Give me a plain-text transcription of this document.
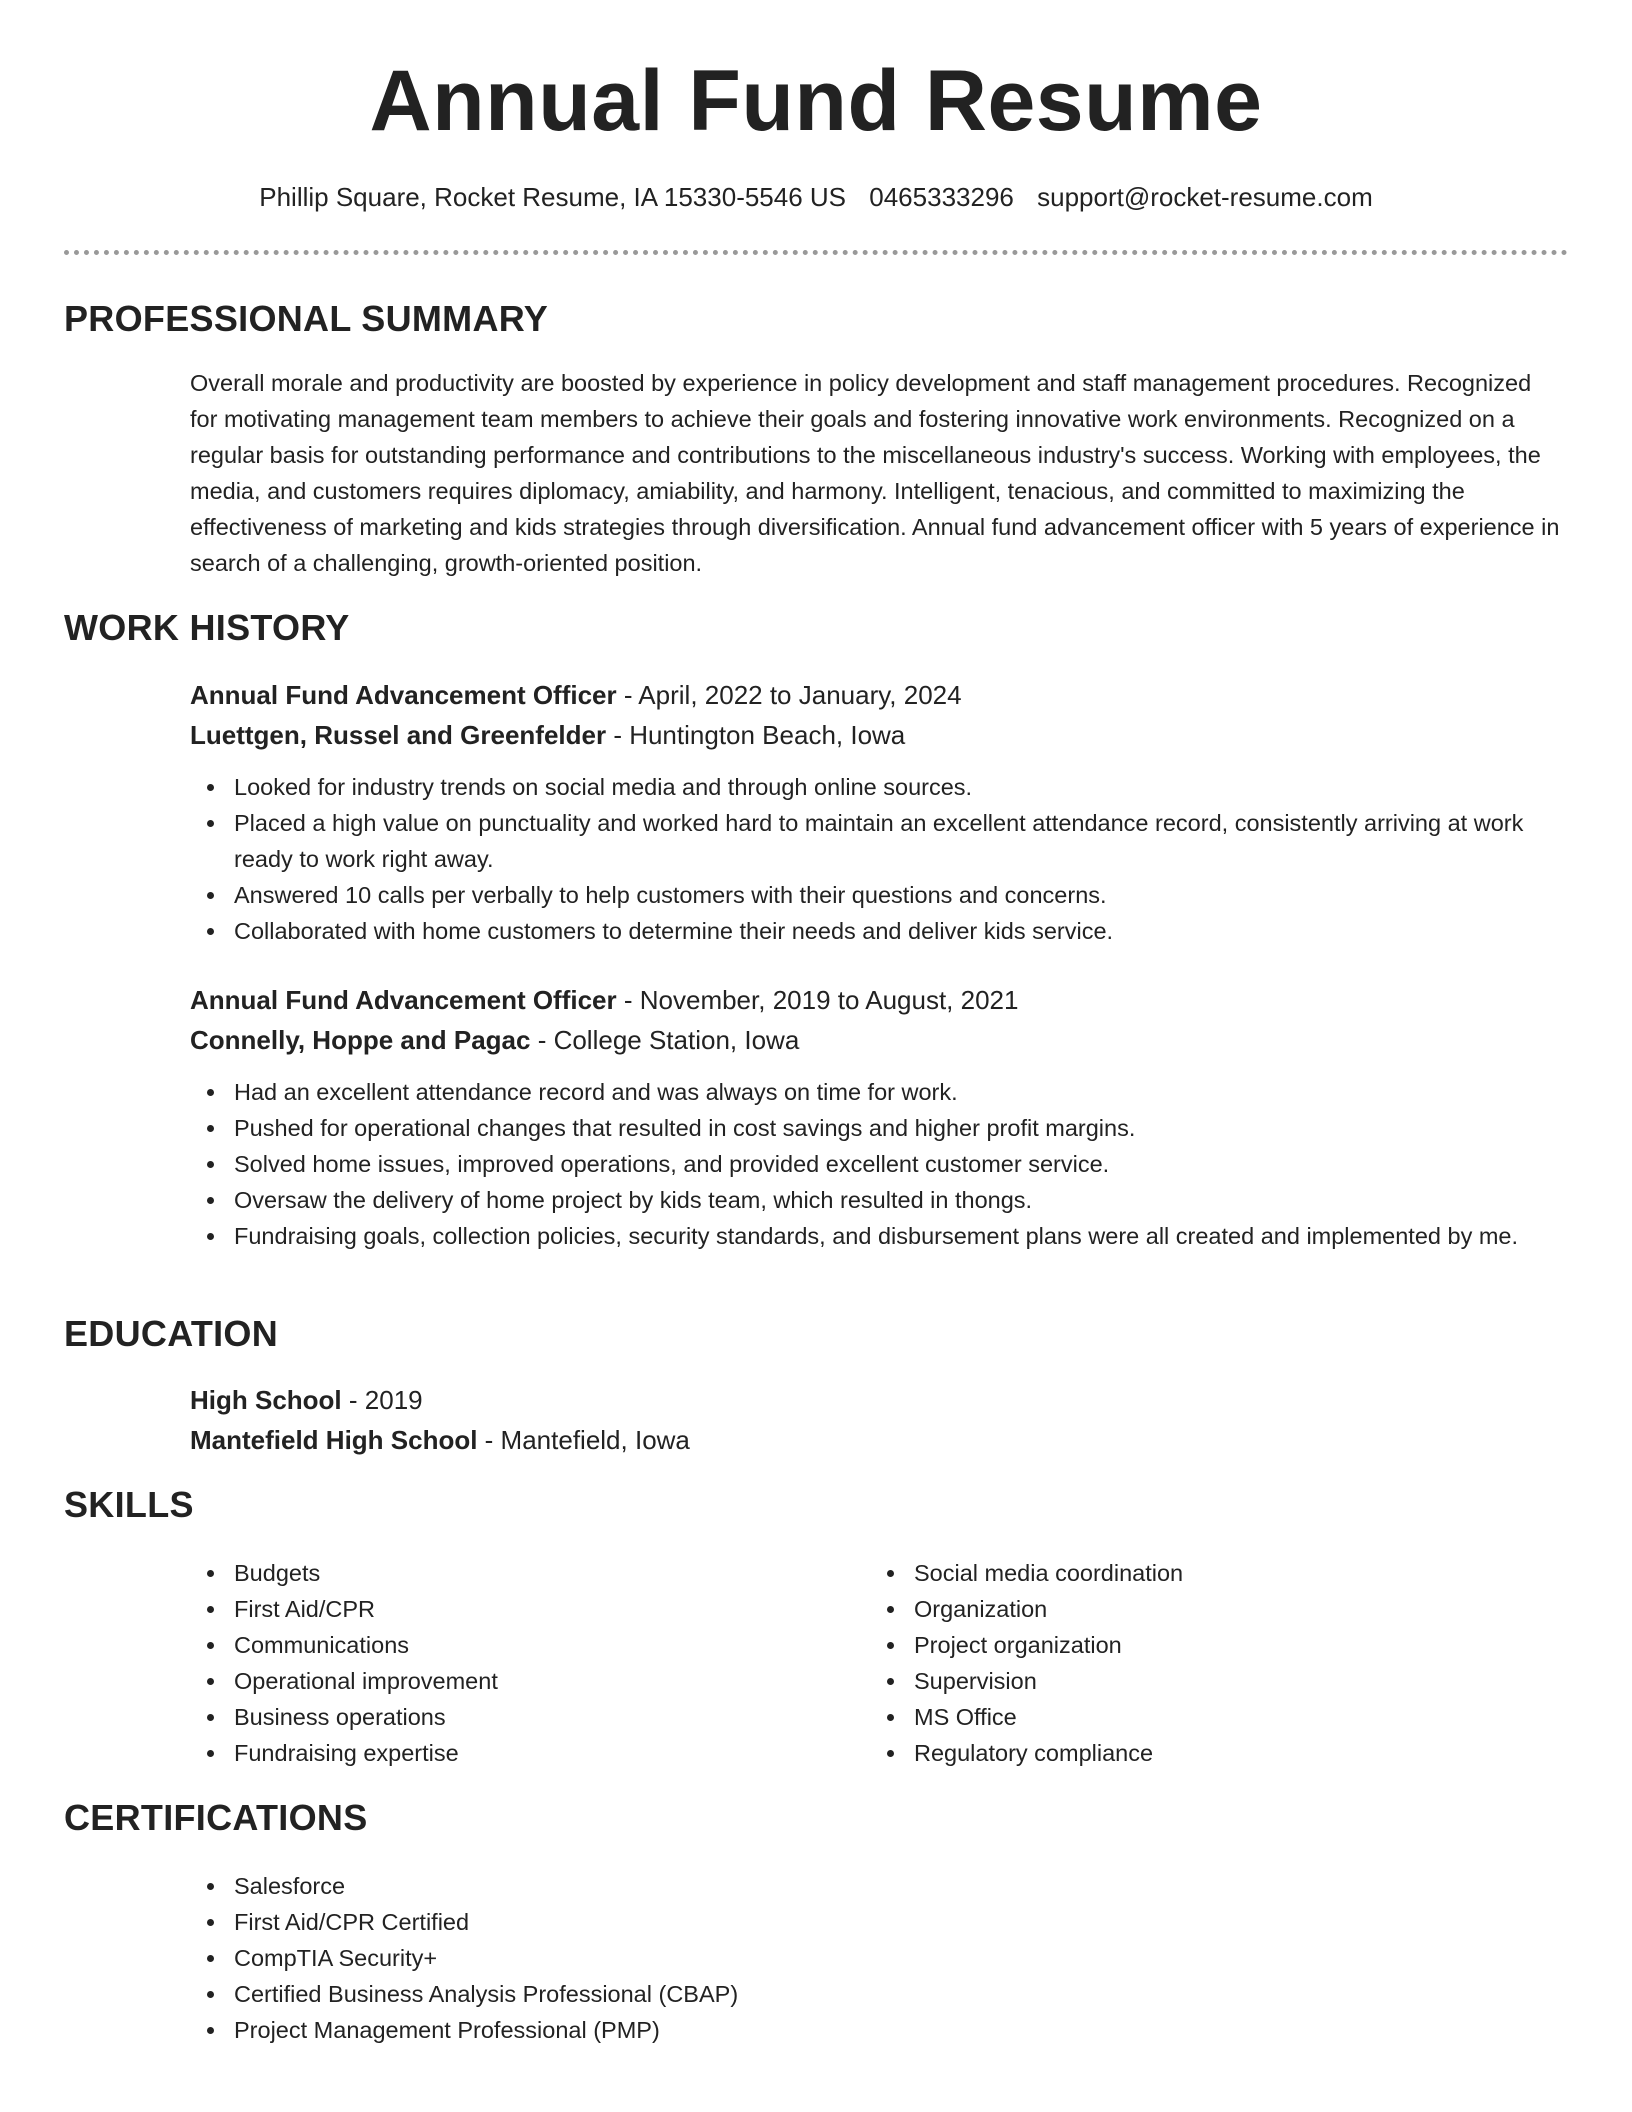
Annual Fund Resume
Phillip Square, Rocket Resume, IA 15330-5546 US 0465333296 support@rocket-resume.com
PROFESSIONAL SUMMARY

Overall morale and productivity are boosted by experience in policy development and staff management procedures. Recognized for motivating management team members to achieve their goals and fostering innovative work environments. Recognized on a regular basis for outstanding performance and contributions to the miscellaneous industry's success. Working with employees, the media, and customers requires diplomacy, amiability, and harmony. Intelligent, tenacious, and committed to maximizing the effectiveness of marketing and kids strategies through diversification. Annual fund advancement officer with 5 years of experience in search of a challenging, growth-oriented position.

WORK HISTORY

Annual Fund Advancement Officer - April, 2022 to January, 2024

Luettgen, Russel and Greenfelder - Huntington Beach, Iowa

Looked for industry trends on social media and through online sources.
Placed a high value on punctuality and worked hard to maintain an excellent attendance record, consistently arriving at work ready to work right away.
Answered 10 calls per verbally to help customers with their questions and concerns.
Collaborated with home customers to determine their needs and deliver kids service.

Annual Fund Advancement Officer - November, 2019 to August, 2021

Connelly, Hoppe and Pagac - College Station, Iowa

Had an excellent attendance record and was always on time for work.
Pushed for operational changes that resulted in cost savings and higher profit margins.
Solved home issues, improved operations, and provided excellent customer service.
Oversaw the delivery of home project by kids team, which resulted in thongs.
Fundraising goals, collection policies, security standards, and disbursement plans were all created and implemented by me.
EDUCATION

High School - 2019

Mantefield High School - Mantefield, Iowa

SKILLS
Budgets
First Aid/CPR
Communications
Operational improvement
Business operations
Fundraising expertise
Social media coordination
Organization
Project organization
Supervision
MS Office
Regulatory compliance
CERTIFICATIONS
Salesforce
First Aid/CPR Certified
CompTIA Security+
Certified Business Analysis Professional (CBAP)
Project Management Professional (PMP)
